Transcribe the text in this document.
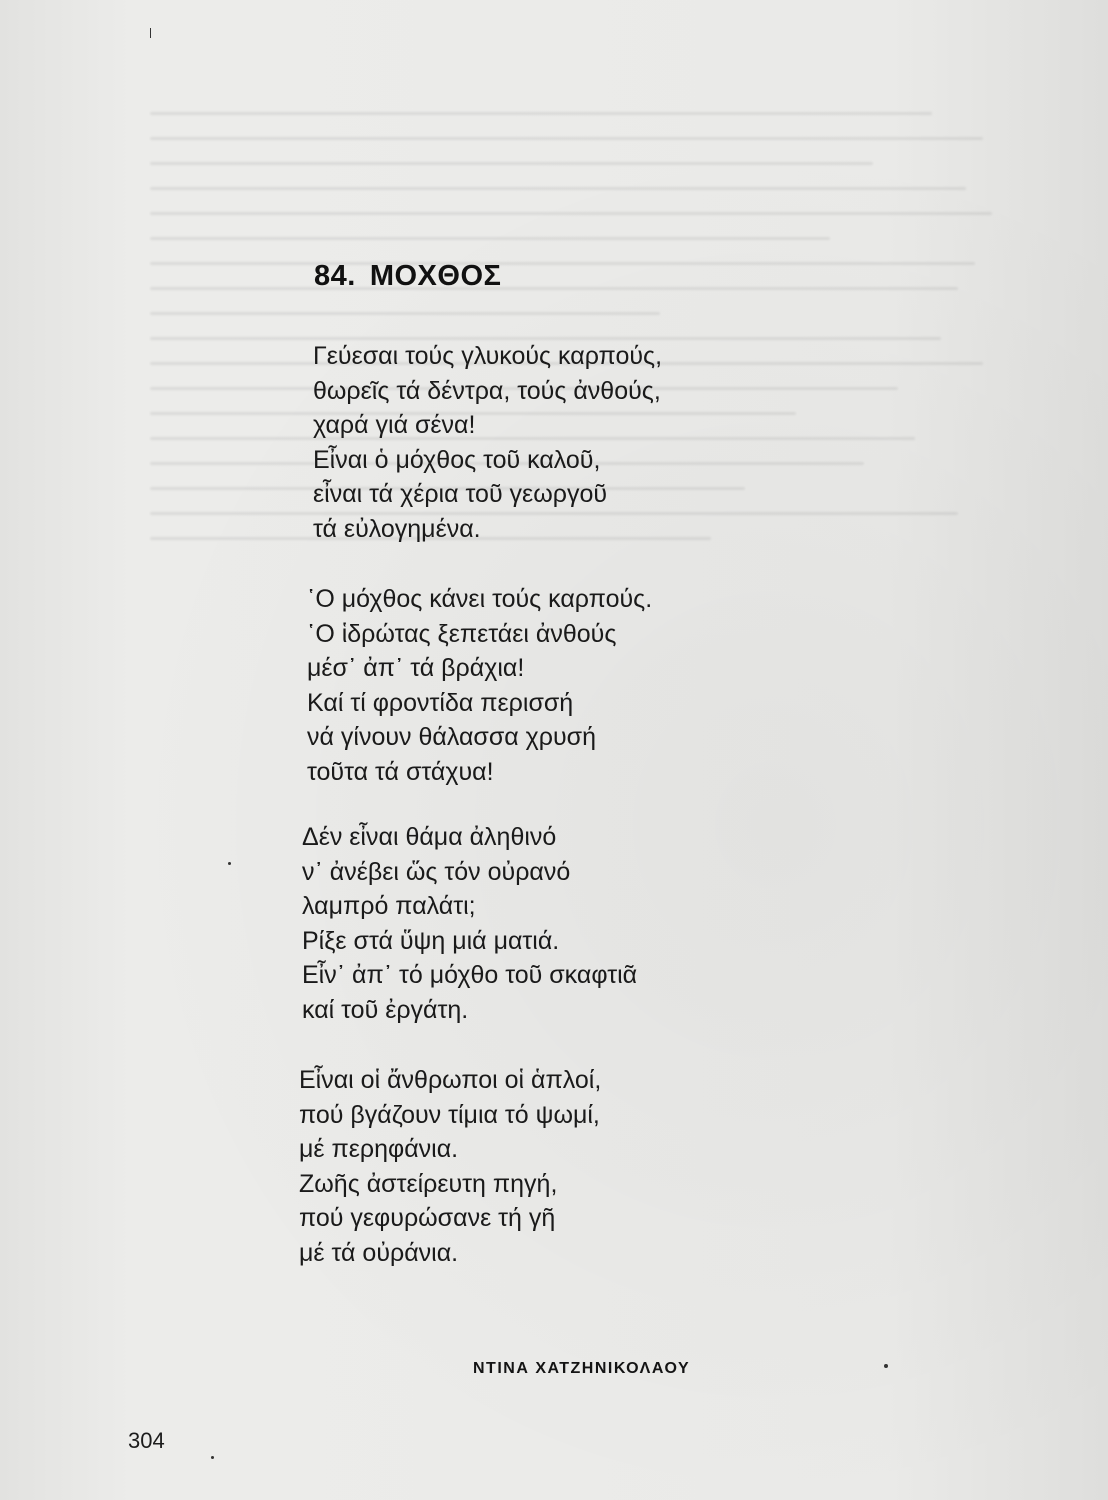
84. ΜΟΧΘΟΣ
Γεύεσαι τούς γλυκούς καρπούς,
θωρεῖς τά δέντρα, τούς ἀνθούς,
χαρά γιά σένα!
Εἶναι ὁ μόχθος τοῦ καλοῦ,
εἶναι τά χέρια τοῦ γεωργοῦ
τά εὐλογημένα.
῾Ο μόχθος κάνει τούς καρπούς.
῾Ο ἱδρώτας ξεπετάει ἀνθούς
μέσ᾿ ἀπ᾿ τά βράχια!
Καί τί φροντίδα περισσή
νά γίνουν θάλασσα χρυσή
τοῦτα τά στάχυα!
Δέν εἶναι θάμα ἀληθινό
ν᾿ ἀνέβει ὥς τόν οὐρανό
λαμπρό παλάτι;
Ρίξε στά ὕψη μιά ματιά.
Εἶν᾿ ἀπ᾿ τό μόχθο τοῦ σκαφτιᾶ
καί τοῦ ἐργάτη.
Εἶναι οἱ ἄνθρωποι οἱ ἁπλοί,
πού βγάζουν τίμια τό ψωμί,
μέ περηφάνια.
Ζωῆς ἀστείρευτη πηγή,
πού γεφυρώσανε τή γῆ
μέ τά οὐράνια.
ΝΤΙΝΑ ΧΑΤΖΗΝΙΚΟΛΑΟΥ
304
